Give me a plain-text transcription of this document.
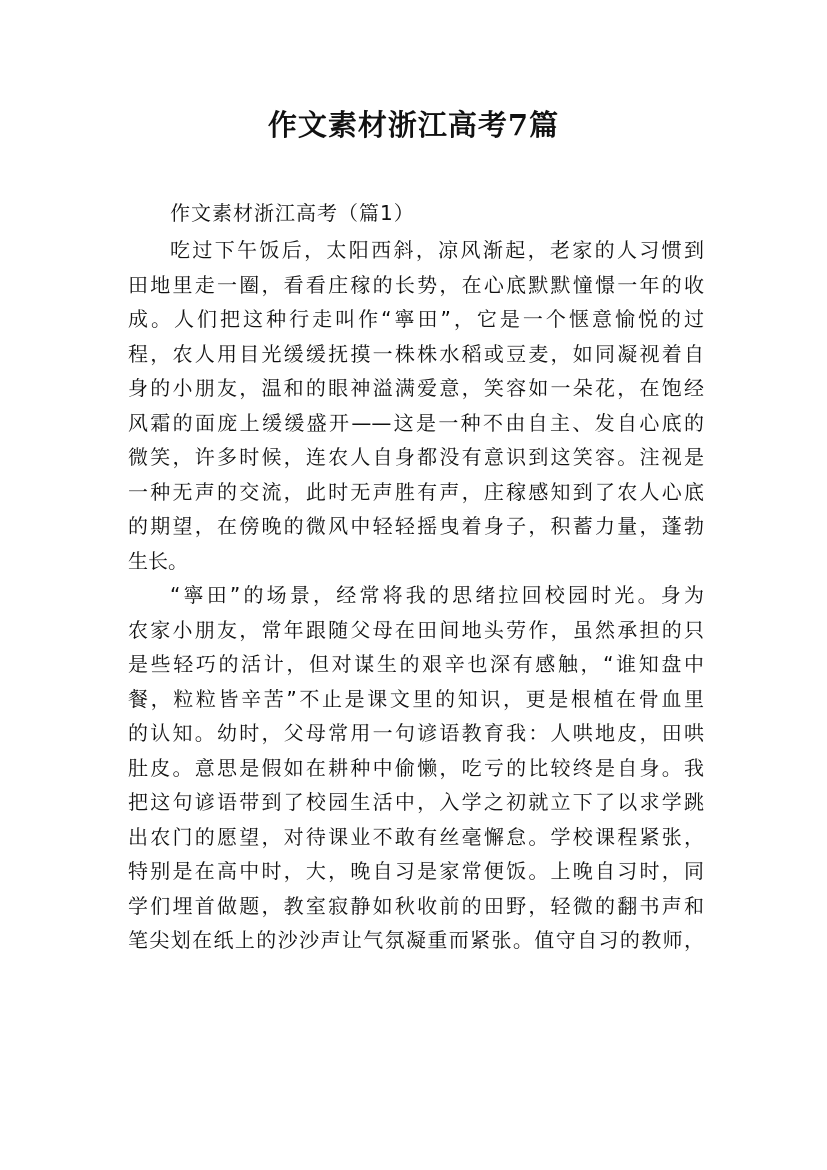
作文素材浙江高考7篇
作文素材浙江高考（篇1）
吃过下午饭后，太阳西斜，凉风渐起，老家的人习惯到
田地里走一圈，看看庄稼的长势，在心底默默憧憬一年的收
成。人们把这种行走叫作“寧田”，它是一个惬意愉悦的过
程，农人用目光缓缓抚摸一株株水稻或豆麦，如同凝视着自
身的小朋友，温和的眼神溢满爱意，笑容如一朵花，在饱经
风霜的面庞上缓缓盛开——这是一种不由自主、发自心底的
微笑，许多时候，连农人自身都没有意识到这笑容。注视是
一种无声的交流，此时无声胜有声，庄稼感知到了农人心底
的期望，在傍晚的微风中轻轻摇曳着身子，积蓄力量，蓬勃
生长。
“寧田”的场景，经常将我的思绪拉回校园时光。身为
农家小朋友，常年跟随父母在田间地头劳作，虽然承担的只
是些轻巧的活计，但对谋生的艰辛也深有感触，“谁知盘中
餐，粒粒皆辛苦”不止是课文里的知识，更是根植在骨血里
的认知。幼时，父母常用一句谚语教育我：人哄地皮，田哄
肚皮。意思是假如在耕种中偷懒，吃亏的比较终是自身。我
把这句谚语带到了校园生活中，入学之初就立下了以求学跳
出农门的愿望，对待课业不敢有丝毫懈怠。学校课程紧张，
特别是在高中时，大，晚自习是家常便饭。上晚自习时，同
学们埋首做题，教室寂静如秋收前的田野，轻微的翻书声和
笔尖划在纸上的沙沙声让气氛凝重而紧张。值守自习的教师，
